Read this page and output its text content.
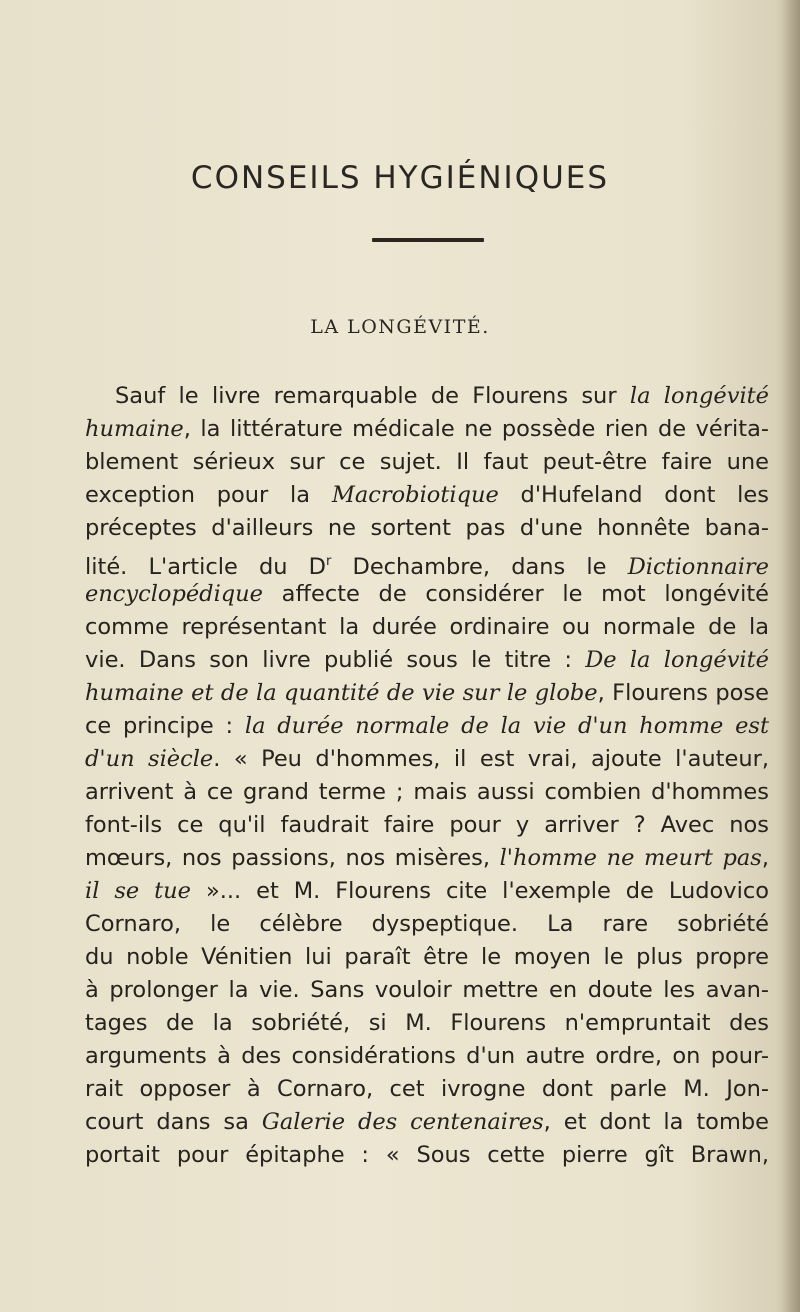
CONSEILS HYGIÉNIQUES
LA LONGÉVITÉ.
Sauf le livre remarquable de Flourens sur la longévité
humaine, la littérature médicale ne possède rien de vérita-
blement sérieux sur ce sujet. Il faut peut-être faire une
exception pour la Macrobiotique d'Hufeland dont les
préceptes d'ailleurs ne sortent pas d'une honnête bana-
lité. L'article du $D^r$ Dechambre, dans le Dictionnaire
encyclopédique affecte de considérer le mot longévité
comme représentant la durée ordinaire ou normale de la
vie. Dans son livre publié sous le titre : De la longévité
humaine et de la quantité de vie sur le globe, Flourens pose
ce principe : la durée normale de la vie d'un homme est
d'un siècle. « Peu d'hommes, il est vrai, ajoute l'auteur,
arrivent à ce grand terme ; mais aussi combien d'hommes
font-ils ce qu'il faudrait faire pour y arriver ? Avec nos
mœurs, nos passions, nos misères, l'homme ne meurt pas,
il se tue »... et M. Flourens cite l'exemple de Ludovico
Cornaro, le célèbre dyspeptique. La rare sobriété
du noble Vénitien lui paraît être le moyen le plus propre
à prolonger la vie. Sans vouloir mettre en doute les avan-
tages de la sobriété, si M. Flourens n'empruntait des
arguments à des considérations d'un autre ordre, on pour-
rait opposer à Cornaro, cet ivrogne dont parle M. Jon-
court dans sa Galerie des centenaires, et dont la tombe
portait pour épitaphe : « Sous cette pierre gît Brawn,
